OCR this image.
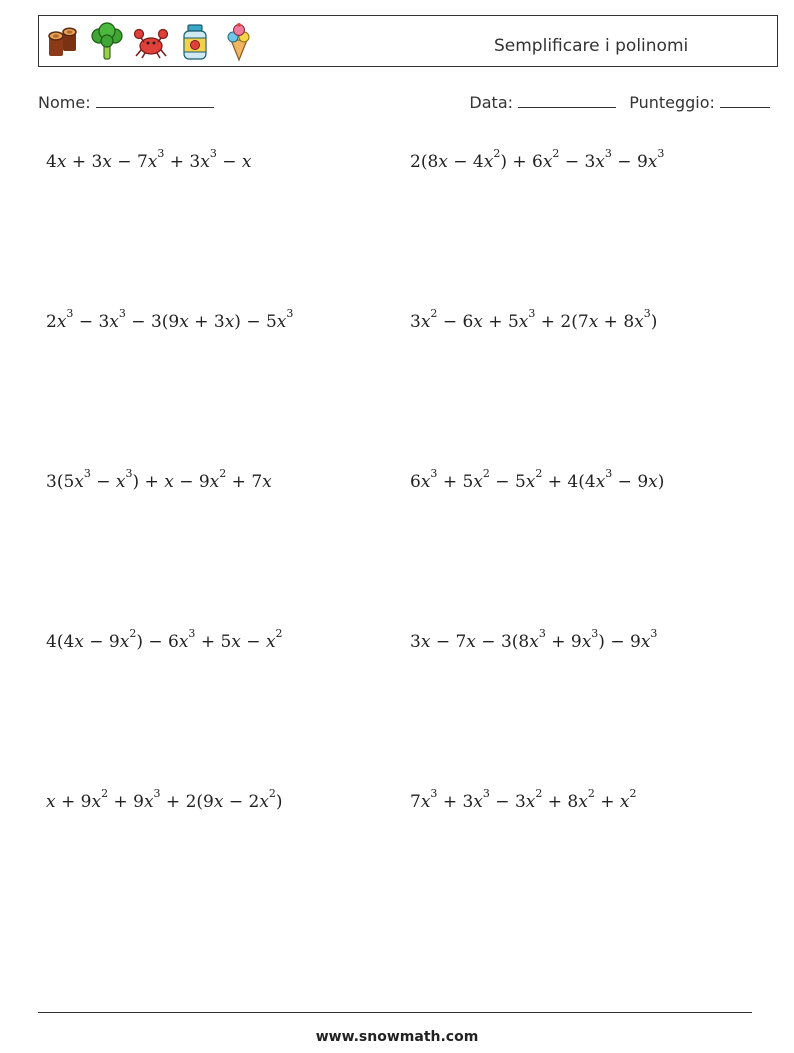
Semplificare i polinomi
Nome:	Data:	Punteggio:
$4x + 3x - 7x^3 + 3x^3 - x$	$2(8x - 4x^2) + 6x^2 - 3x^3 - 9x^3$
$2x^3 - 3x^3 - 3(9x + 3x) - 5x^3$	$3x^2 - 6x + 5x^3 + 2(7x + 8x^3)$
$3(5x^3 - x^3) + x - 9x^2 + 7x$	$6x^3 + 5x^2 - 5x^2 + 4(4x^3 - 9x)$
$4(4x - 9x^2) - 6x^3 + 5x - x^2$	$3x - 7x - 3(8x^3 + 9x^3) - 9x^3$
$x + 9x^2 + 9x^3 + 2(9x - 2x^2)$	$7x^3 + 3x^3 - 3x^2 + 8x^2 + x^2$
www.snowmath.com
